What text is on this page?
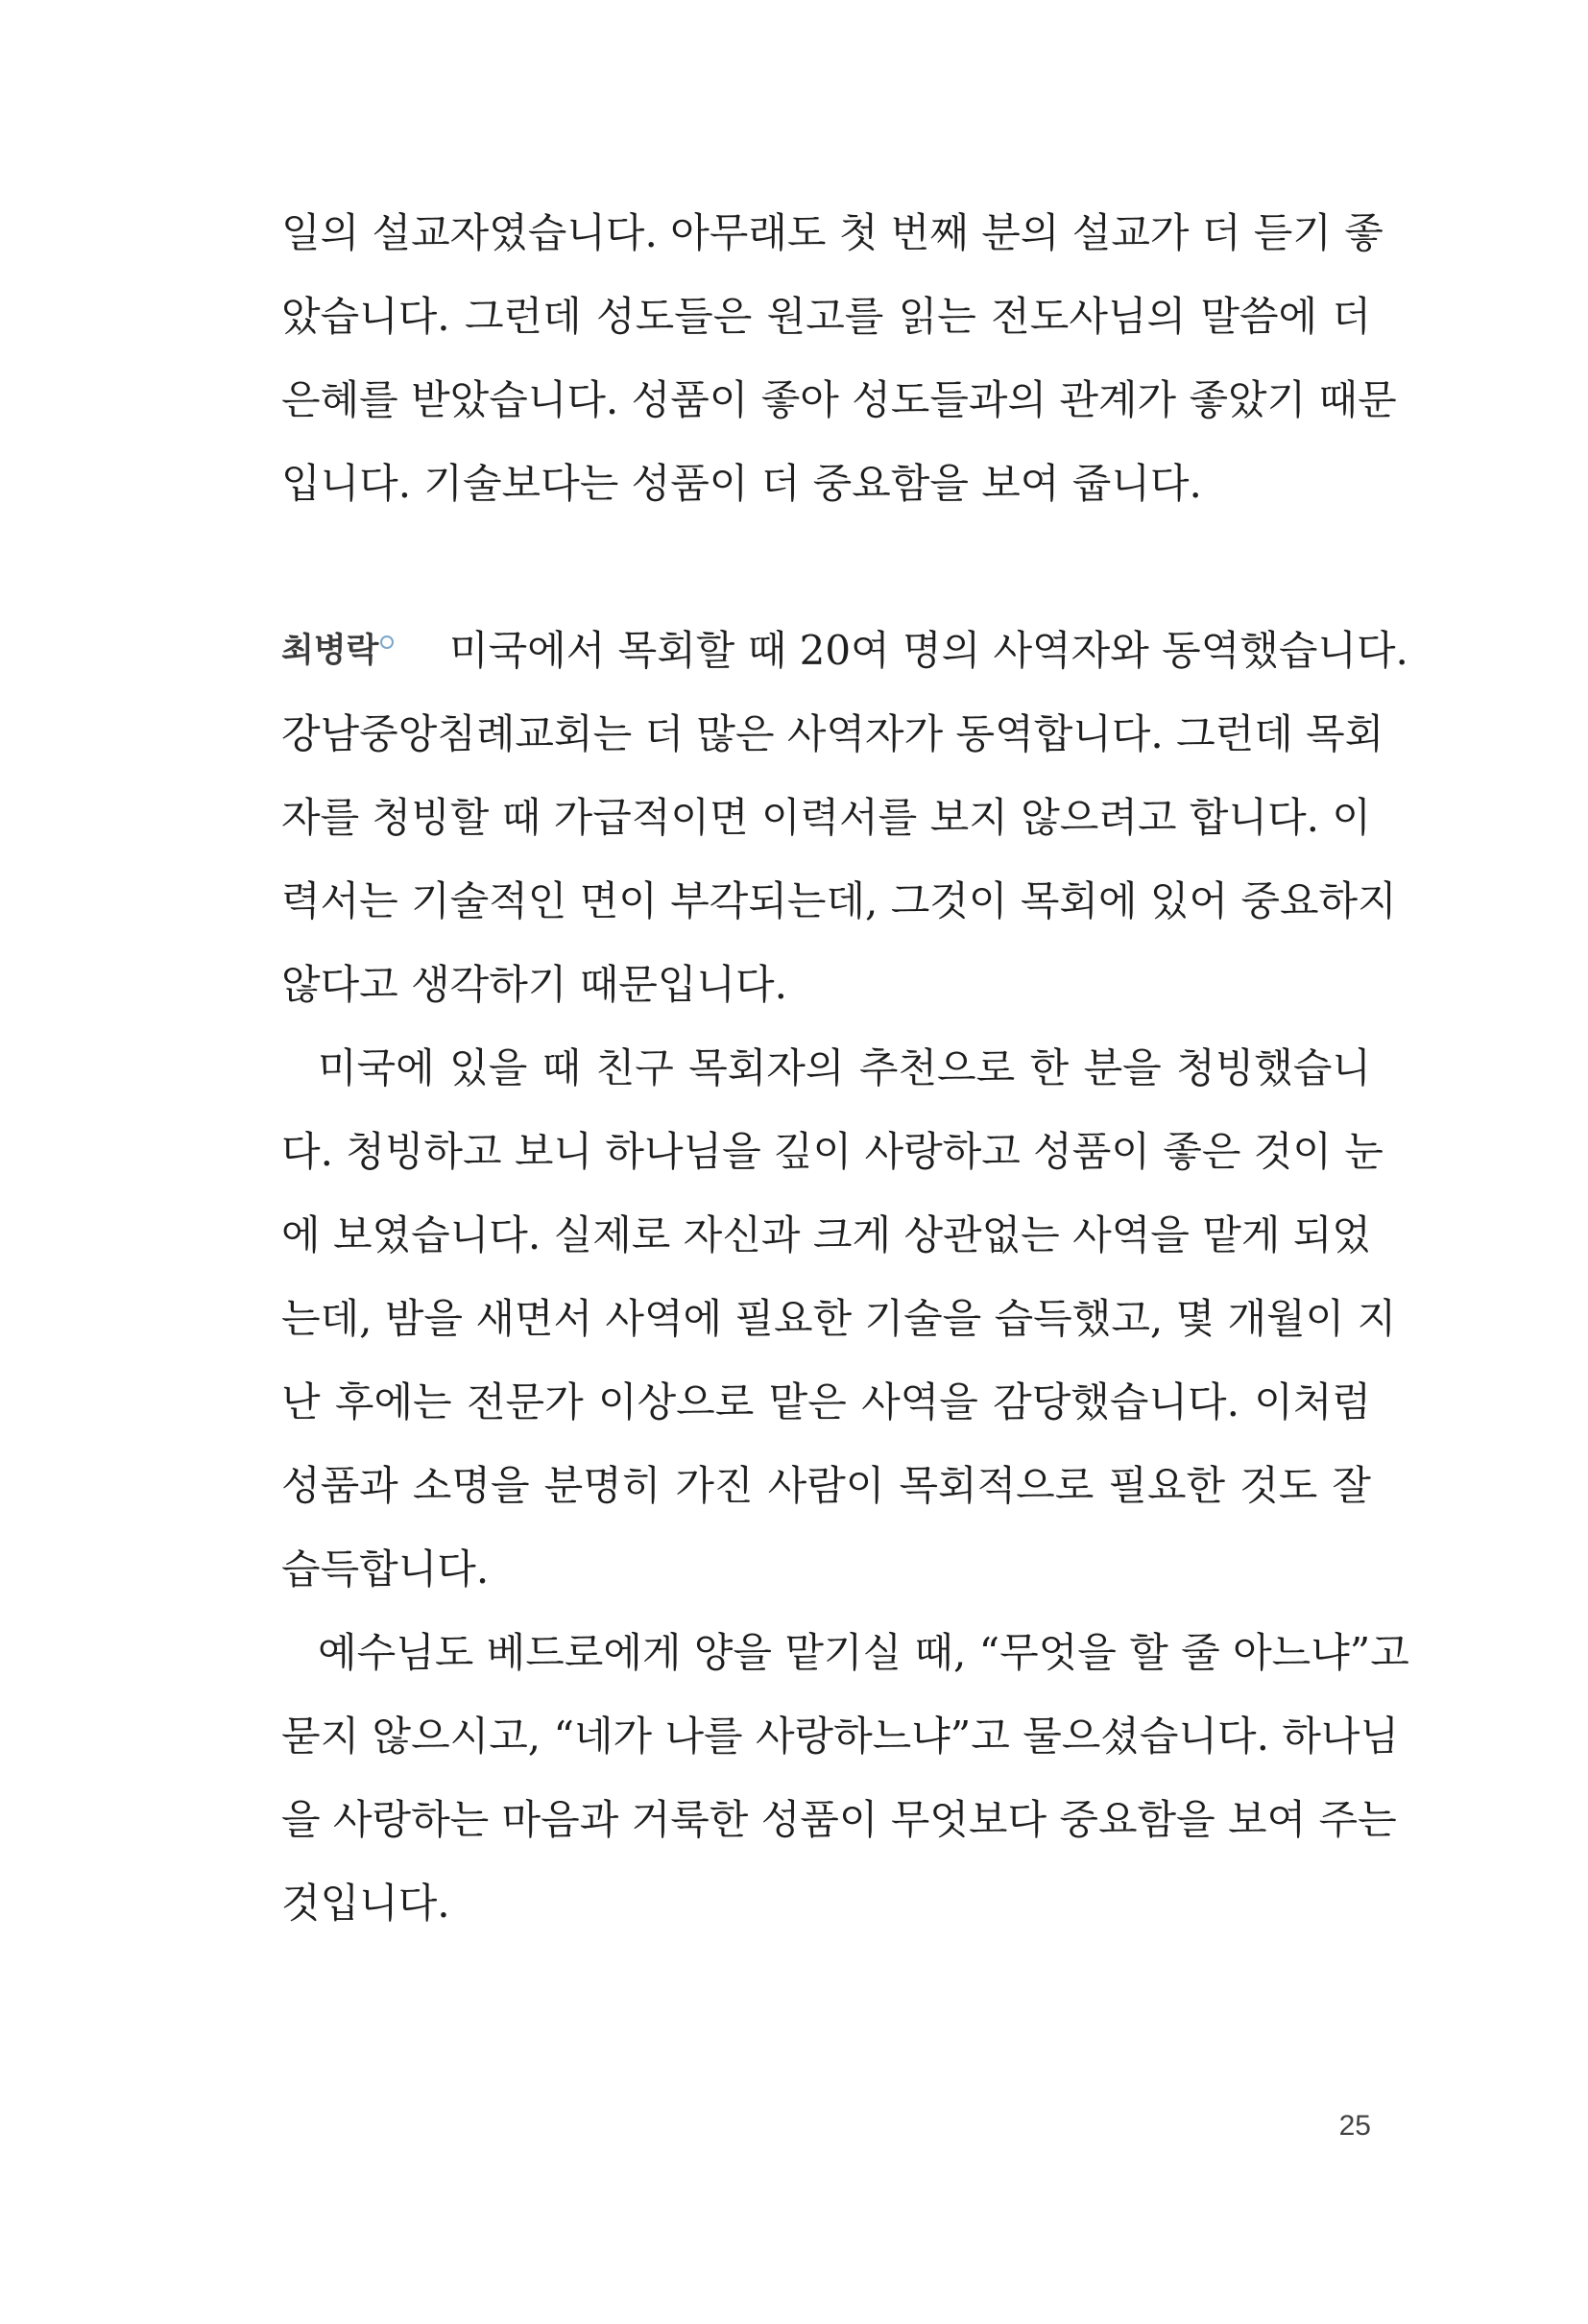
일의 설교자였습니다. 아무래도 첫 번째 분의 설교가 더 듣기 좋
았습니다. 그런데 성도들은 원고를 읽는 전도사님의 말씀에 더
은혜를 받았습니다. 성품이 좋아 성도들과의 관계가 좋았기 때문
입니다. 기술보다는 성품이 더 중요함을 보여 줍니다.
최병락 미국에서 목회할 때 20여 명의 사역자와 동역했습니다.
강남중앙침례교회는 더 많은 사역자가 동역합니다. 그런데 목회
자를 청빙할 때 가급적이면 이력서를 보지 않으려고 합니다. 이
력서는 기술적인 면이 부각되는데, 그것이 목회에 있어 중요하지
않다고 생각하기 때문입니다.
미국에 있을 때 친구 목회자의 추천으로 한 분을 청빙했습니
다. 청빙하고 보니 하나님을 깊이 사랑하고 성품이 좋은 것이 눈
에 보였습니다. 실제로 자신과 크게 상관없는 사역을 맡게 되었
는데, 밤을 새면서 사역에 필요한 기술을 습득했고, 몇 개월이 지
난 후에는 전문가 이상으로 맡은 사역을 감당했습니다. 이처럼
성품과 소명을 분명히 가진 사람이 목회적으로 필요한 것도 잘
습득합니다.
예수님도 베드로에게 양을 맡기실 때, “무엇을 할 줄 아느냐”고
묻지 않으시고, “네가 나를 사랑하느냐”고 물으셨습니다. 하나님
을 사랑하는 마음과 거룩한 성품이 무엇보다 중요함을 보여 주는
것입니다.
25
